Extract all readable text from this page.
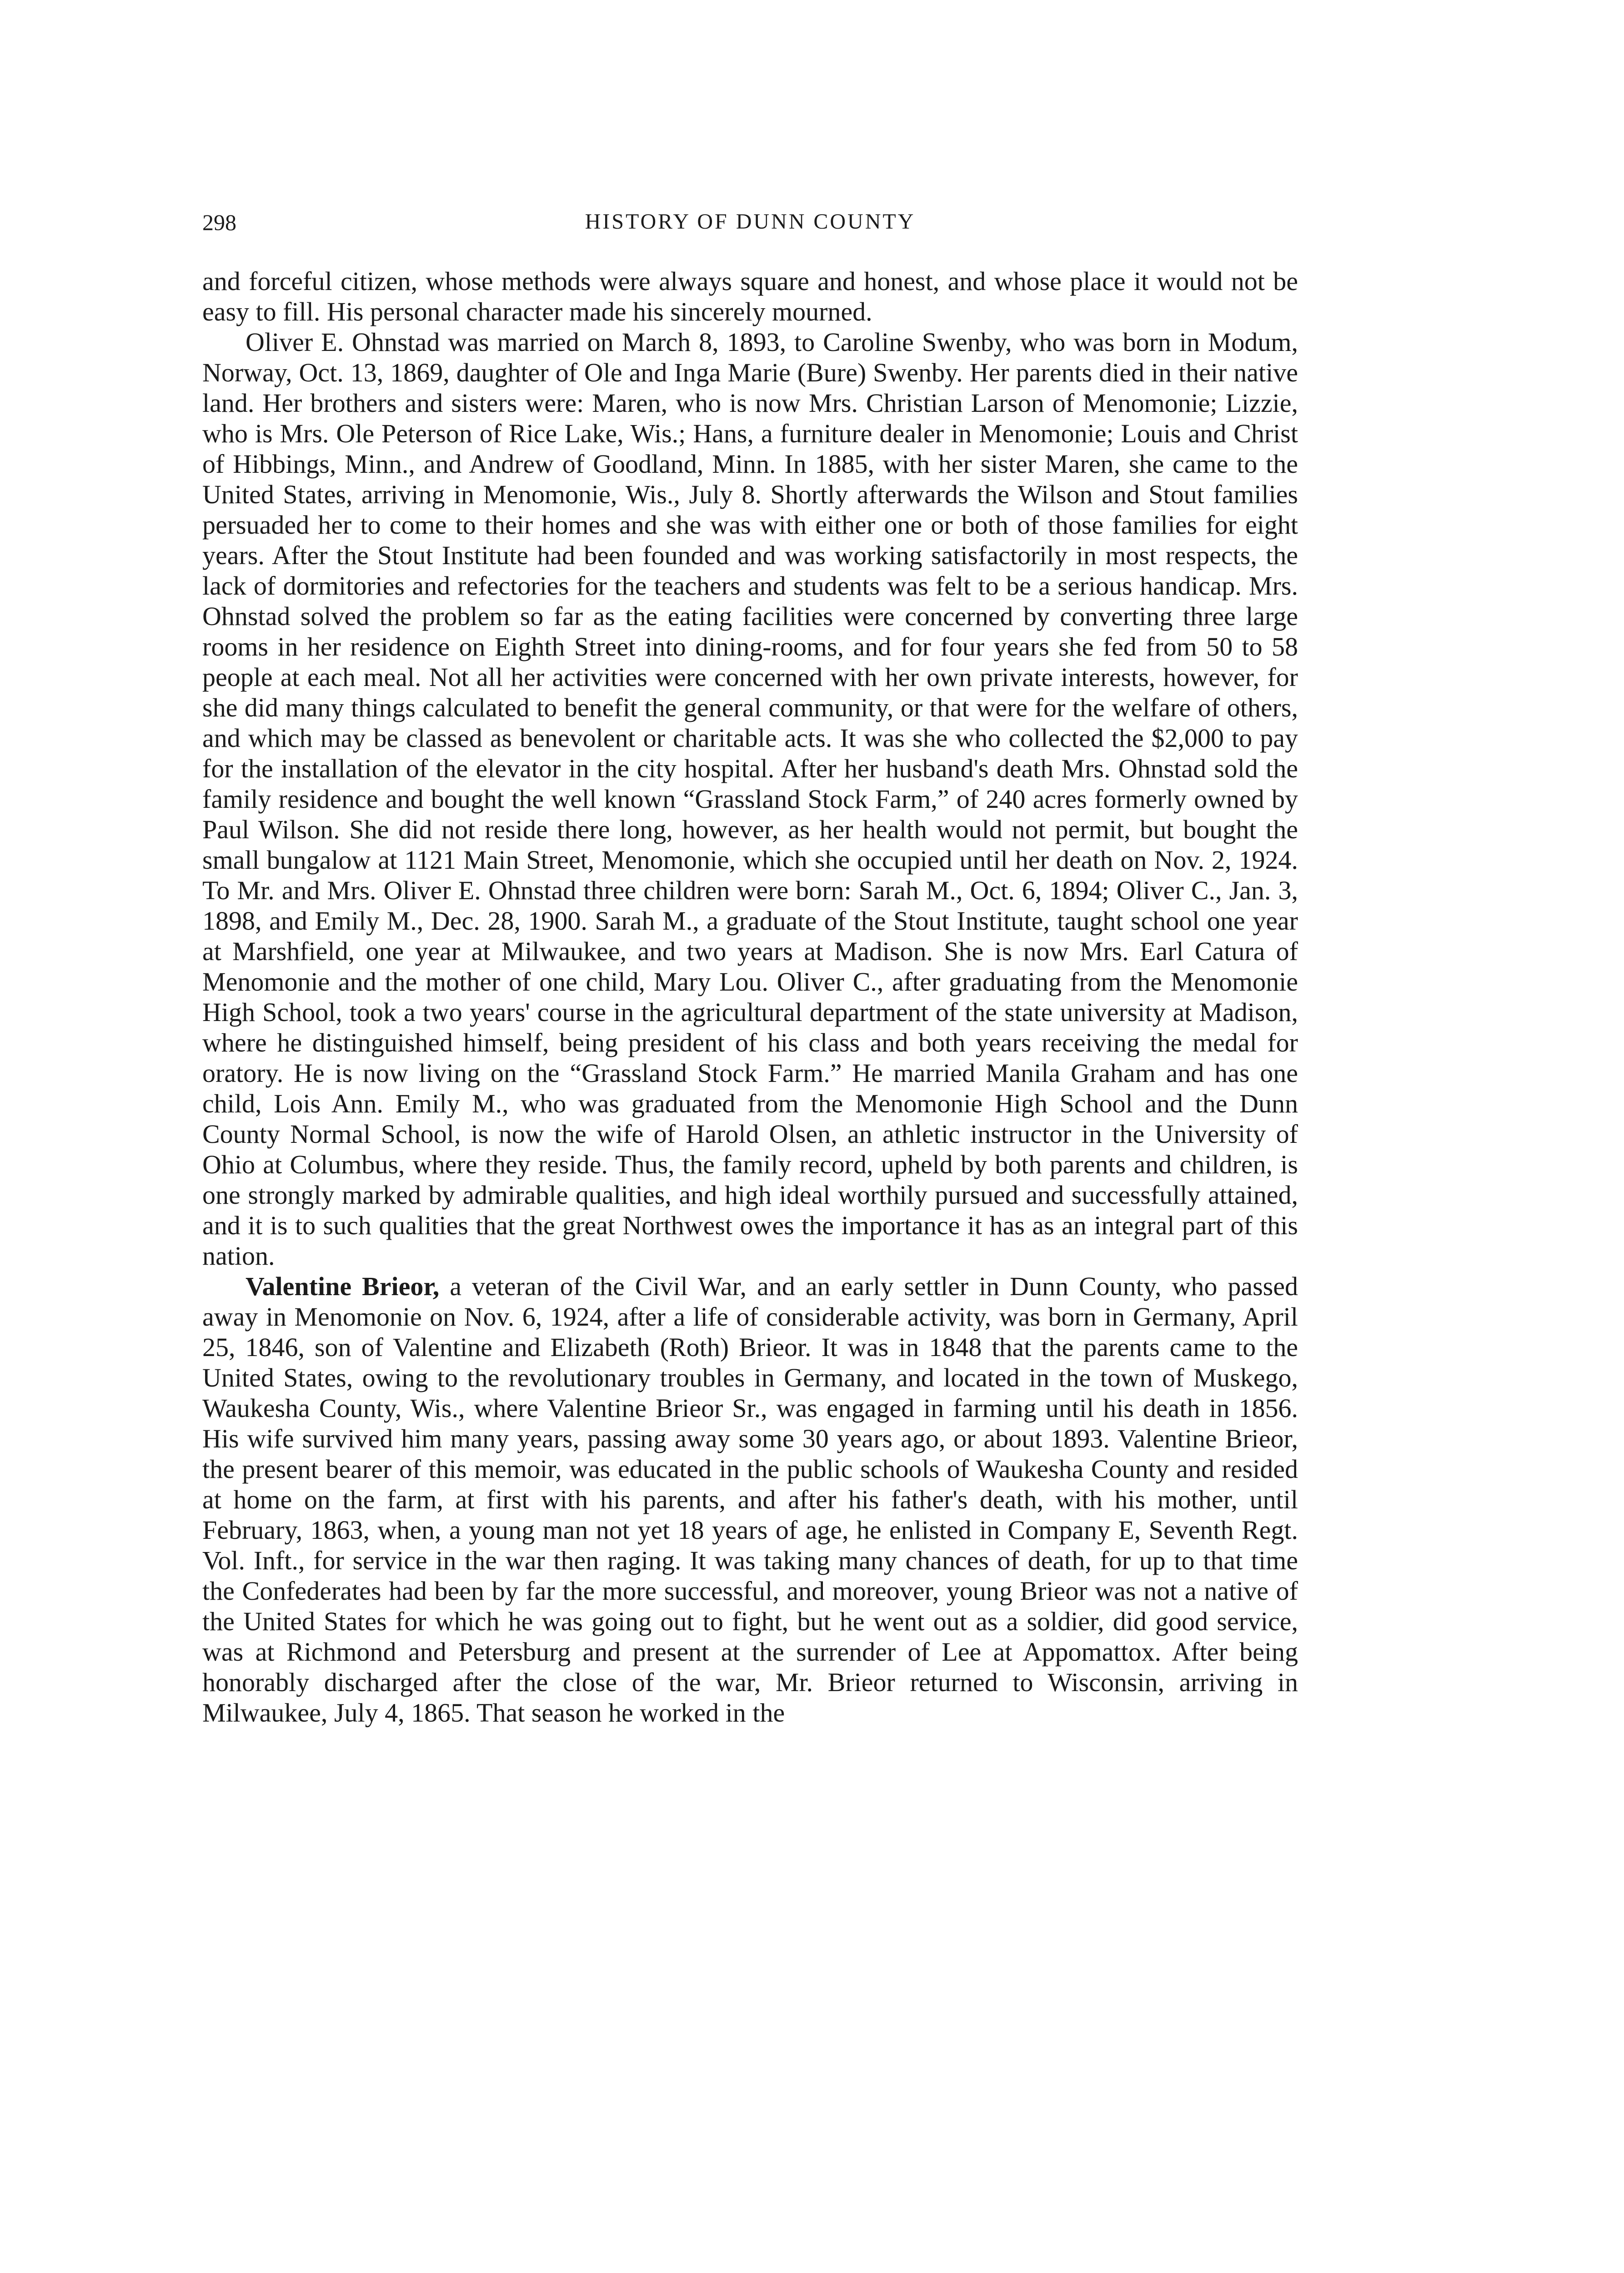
298	HISTORY OF DUNN COUNTY

and forceful citizen, whose methods were always square and honest, and whose place it would not be easy to fill. His personal character made his sincerely mourned.

Oliver E. Ohnstad was married on March 8, 1893, to Caroline Swenby, who was born in Modum, Norway, Oct. 13, 1869, daughter of Ole and Inga Marie (Bure) Swenby. Her parents died in their native land. Her brothers and sisters were: Maren, who is now Mrs. Christian Larson of Menomonie; Lizzie, who is Mrs. Ole Peterson of Rice Lake, Wis.; Hans, a furniture dealer in Menomonie; Louis and Christ of Hibbings, Minn., and Andrew of Goodland, Minn. In 1885, with her sister Maren, she came to the United States, arriving in Menomonie, Wis., July 8. Shortly afterwards the Wilson and Stout families persuaded her to come to their homes and she was with either one or both of those families for eight years. After the Stout Institute had been founded and was working satisfactorily in most respects, the lack of dormitories and refectories for the teachers and students was felt to be a serious handicap. Mrs. Ohnstad solved the problem so far as the eating facilities were concerned by converting three large rooms in her residence on Eighth Street into dining-rooms, and for four years she fed from 50 to 58 people at each meal. Not all her activities were concerned with her own private interests, however, for she did many things calculated to benefit the general community, or that were for the welfare of others, and which may be classed as benevolent or charitable acts. It was she who collected the $2,000 to pay for the installation of the elevator in the city hospital. After her husband's death Mrs. Ohnstad sold the family residence and bought the well known “Grassland Stock Farm,” of 240 acres formerly owned by Paul Wilson. She did not reside there long, however, as her health would not permit, but bought the small bungalow at 1121 Main Street, Menomonie, which she occupied until her death on Nov. 2, 1924. To Mr. and Mrs. Oliver E. Ohnstad three children were born: Sarah M., Oct. 6, 1894; Oliver C., Jan. 3, 1898, and Emily M., Dec. 28, 1900. Sarah M., a graduate of the Stout Institute, taught school one year at Marshfield, one year at Milwaukee, and two years at Madison. She is now Mrs. Earl Catura of Menomonie and the mother of one child, Mary Lou. Oliver C., after graduating from the Menomonie High School, took a two years' course in the agricultural department of the state university at Madison, where he distinguished himself, being president of his class and both years receiving the medal for oratory. He is now living on the “Grassland Stock Farm.” He married Manila Graham and has one child, Lois Ann. Emily M., who was graduated from the Menomonie High School and the Dunn County Normal School, is now the wife of Harold Olsen, an athletic instructor in the University of Ohio at Columbus, where they reside. Thus, the family record, upheld by both parents and children, is one strongly marked by admirable qualities, and high ideal worthily pursued and successfully attained, and it is to such qualities that the great Northwest owes the importance it has as an integral part of this nation.

Valentine Brieor, a veteran of the Civil War, and an early settler in Dunn County, who passed away in Menomonie on Nov. 6, 1924, after a life of considerable activity, was born in Germany, April 25, 1846, son of Valentine and Elizabeth (Roth) Brieor. It was in 1848 that the parents came to the United States, owing to the revolutionary troubles in Germany, and located in the town of Muskego, Waukesha County, Wis., where Valentine Brieor Sr., was engaged in farming until his death in 1856. His wife survived him many years, passing away some 30 years ago, or about 1893. Valentine Brieor, the present bearer of this memoir, was educated in the public schools of Waukesha County and resided at home on the farm, at first with his parents, and after his father's death, with his mother, until February, 1863, when, a young man not yet 18 years of age, he enlisted in Company E, Seventh Regt. Vol. Inft., for service in the war then raging. It was taking many chances of death, for up to that time the Confederates had been by far the more successful, and moreover, young Brieor was not a native of the United States for which he was going out to fight, but he went out as a soldier, did good service, was at Richmond and Petersburg and present at the surrender of Lee at Appomattox. After being honorably discharged after the close of the war, Mr. Brieor returned to Wisconsin, arriving in Milwaukee, July 4, 1865. That season he worked in the
